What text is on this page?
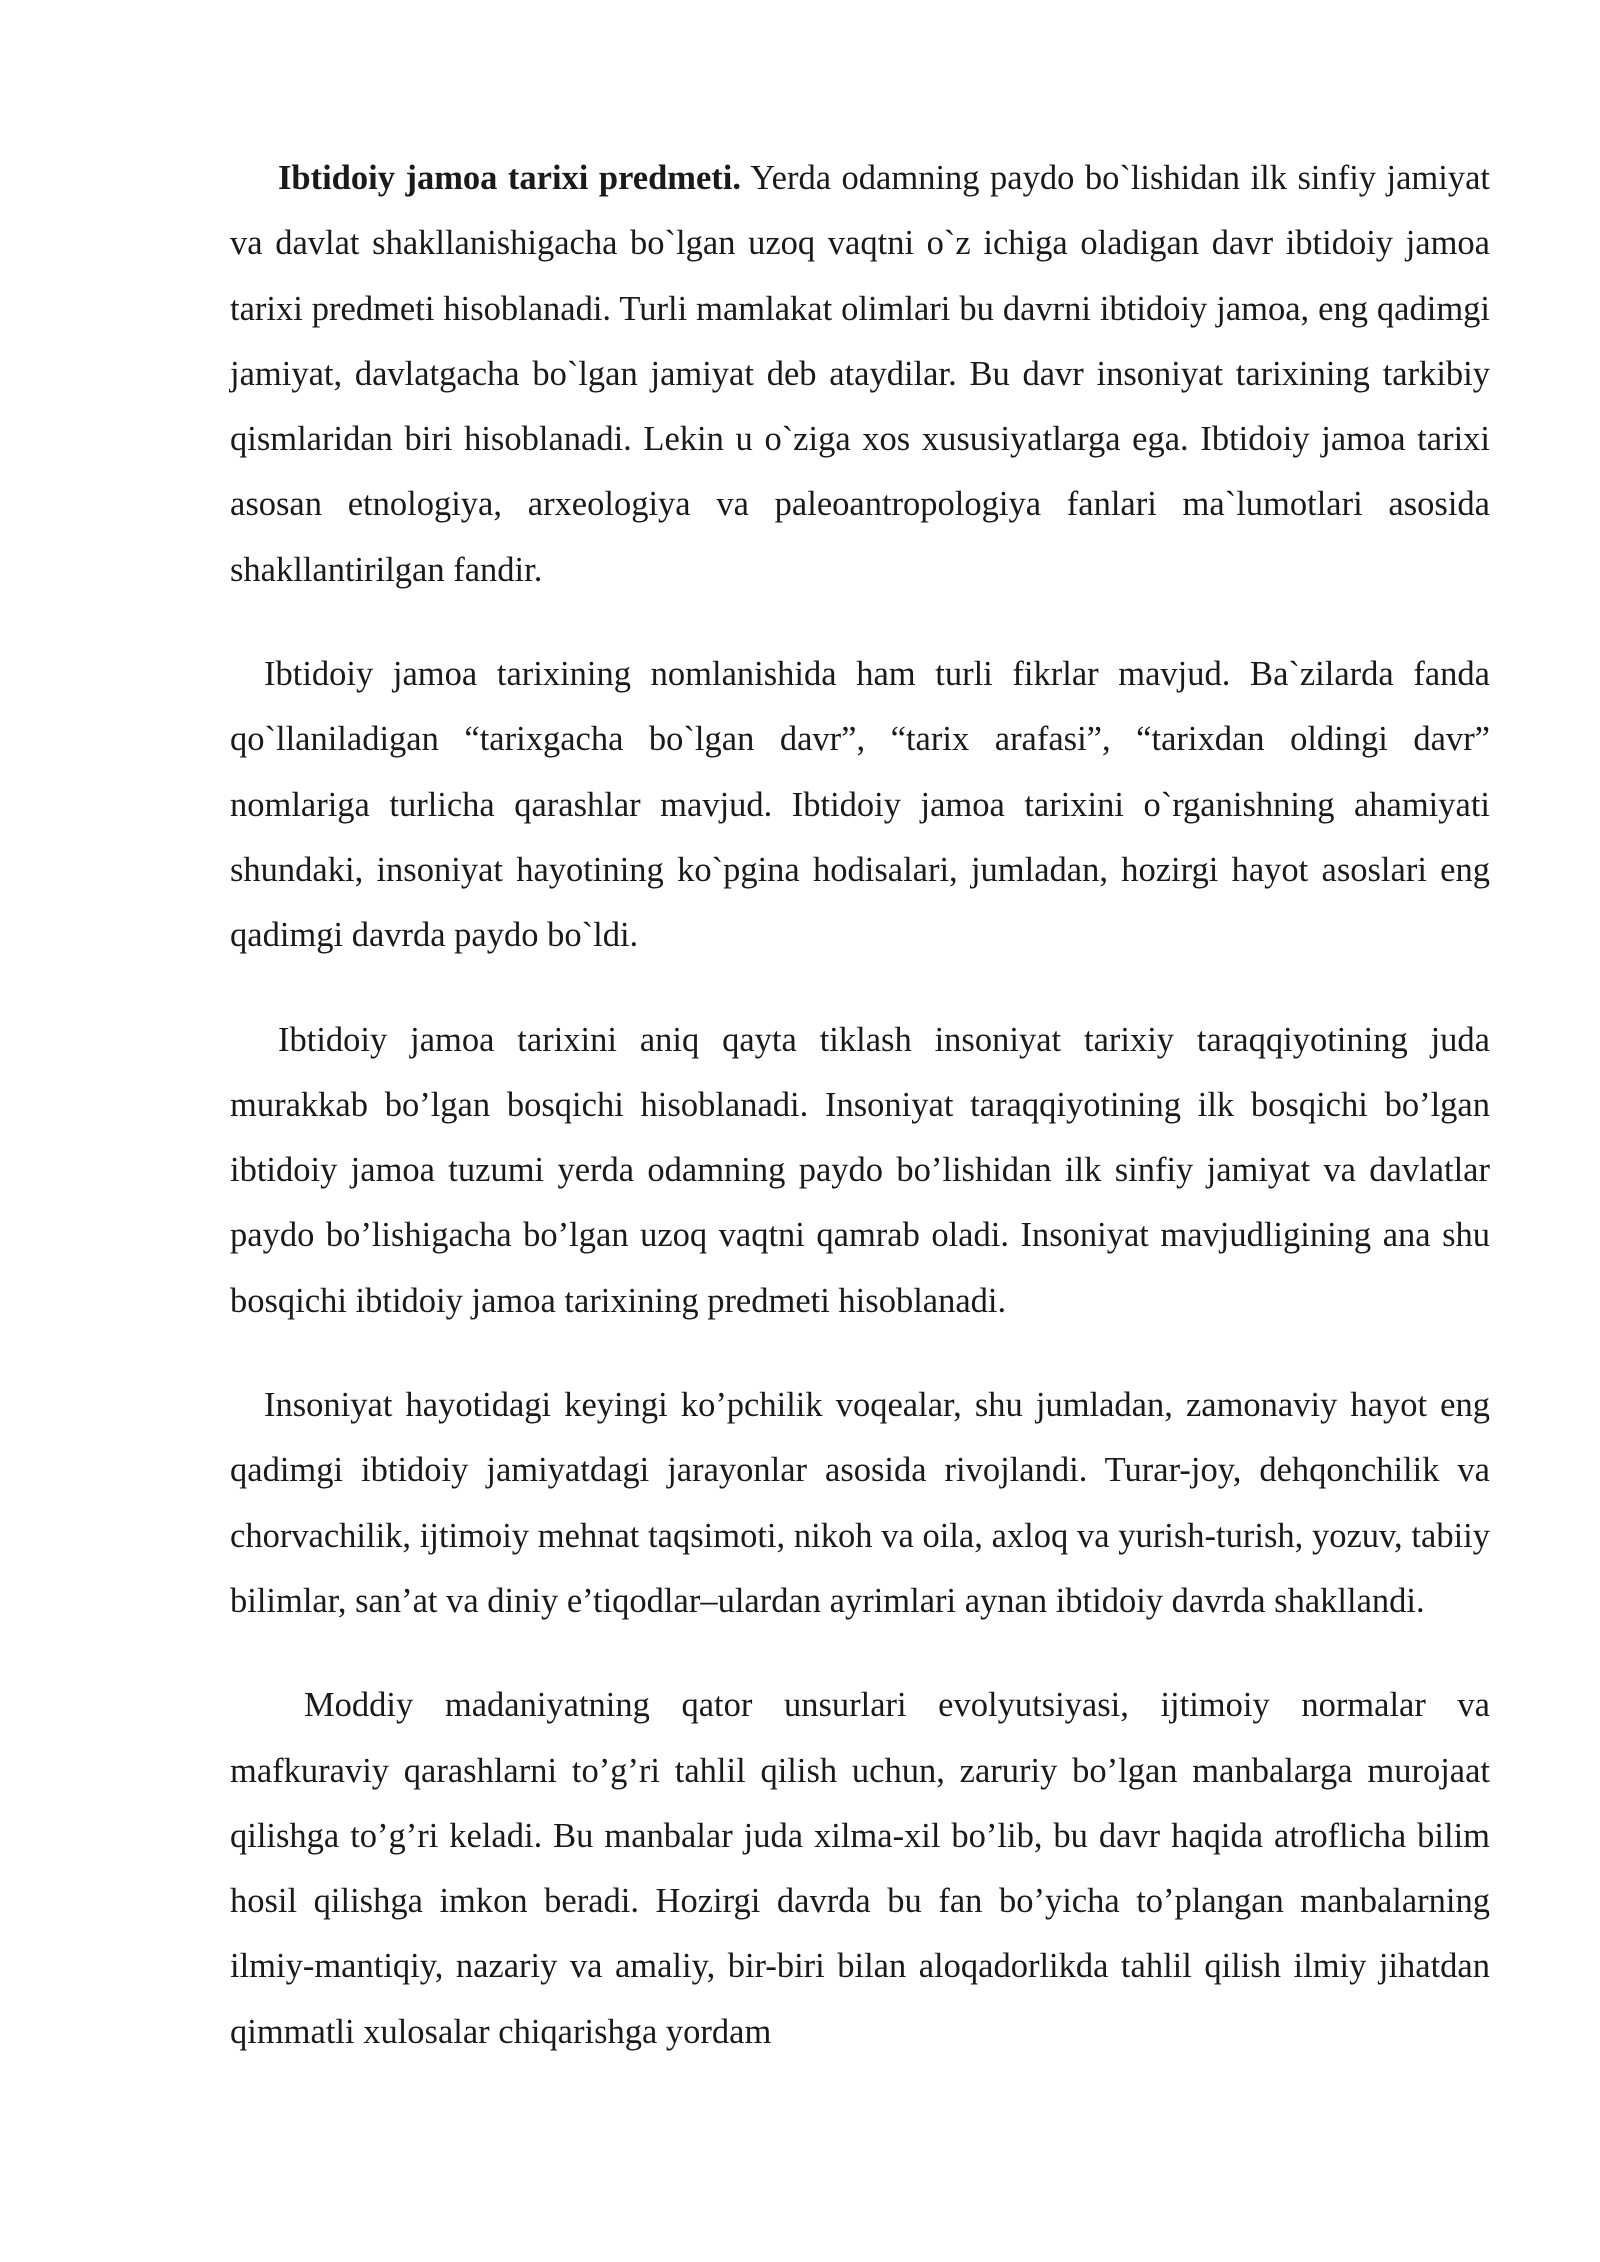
Ibtidoiy jamoa tarixi predmeti. Yerda odamning paydo bo`lishidan ilk sinfiy jamiyat va davlat shakllanishigacha bo`lgan uzoq vaqtni o`z ichiga oladigan davr ibtidoiy jamoa tarixi predmeti hisoblanadi. Turli mamlakat olimlari bu davrni ibtidoiy jamoa, eng qadimgi jamiyat, davlatgacha bo`lgan jamiyat deb ataydilar. Bu davr insoniyat tarixining tarkibiy qismlaridan biri hisoblanadi. Lekin u o`ziga xos xususiyatlarga ega. Ibtidoiy jamoa tarixi asosan etnologiya, arxeologiya va paleoantropologiya fanlari ma`lumotlari asosida shakllantirilgan fandir.

Ibtidoiy jamoa tarixining nomlanishida ham turli fikrlar mavjud. Ba`zilarda fanda qo`llaniladigan “tarixgacha bo`lgan davr”, “tarix arafasi”, “tarixdan oldingi davr” nomlariga turlicha qarashlar mavjud. Ibtidoiy jamoa tarixini o`rganishning ahamiyati shundaki, insoniyat hayotining ko`pgina hodisalari, jumladan, hozirgi hayot asoslari eng qadimgi davrda paydo bo`ldi.

Ibtidoiy jamoa tarixini aniq qayta tiklash insoniyat tarixiy taraqqiyotining juda murakkab bo’lgan bosqichi hisoblanadi. Insoniyat taraqqiyotining ilk bosqichi bo’lgan ibtidoiy jamoa tuzumi yerda odamning paydo bo’lishidan ilk sinfiy jamiyat va davlatlar paydo bo’lishigacha bo’lgan uzoq vaqtni qamrab oladi. Insoniyat mavjudligining ana shu bosqichi ibtidoiy jamoa tarixining predmeti hisoblanadi.

Insoniyat hayotidagi keyingi ko’pchilik voqealar, shu jumladan, zamonaviy hayot eng qadimgi ibtidoiy jamiyatdagi jarayonlar asosida rivojlandi. Turar-joy, dehqonchilik va chorvachilik, ijtimoiy mehnat taqsimoti, nikoh va oila, axloq va yurish-turish, yozuv, tabiiy bilimlar, san’at va diniy e’tiqodlar–ulardan ayrimlari aynan ibtidoiy davrda shakllandi.

Moddiy madaniyatning qator unsurlari evolyutsiyasi, ijtimoiy normalar va mafkuraviy qarashlarni to’g’ri tahlil qilish uchun, zaruriy bo’lgan manbalarga murojaat qilishga to’g’ri keladi. Bu manbalar juda xilma-xil bo’lib, bu davr haqida atroflicha bilim hosil qilishga imkon beradi. Hozirgi davrda bu fan bo’yicha to’plangan manbalarning ilmiy-mantiqiy, nazariy va amaliy, bir-biri bilan aloqadorlikda tahlil qilish ilmiy jihatdan qimmatli xulosalar chiqarishga yordam
